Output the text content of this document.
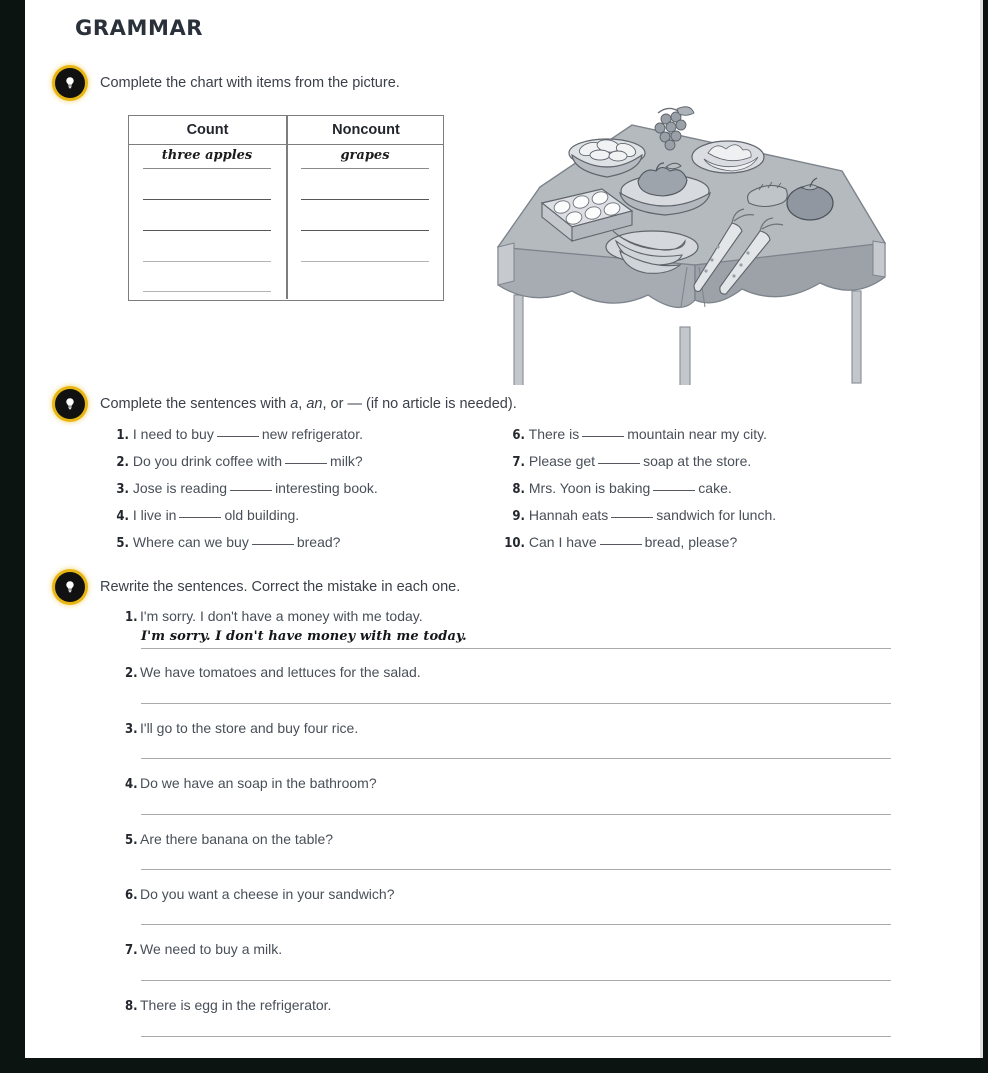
GRAMMAR
Complete the chart with items from the picture.
Count	Noncount
three apples	grapes
Complete the sentences with a, an, or — (if no article is needed).
1. I need to buy	new refrigerator.
2. Do you drink coffee with	milk?
3. Jose is reading	interesting book.
4. I live in	old building.
5. Where can we buy	bread?
6. There is	mountain near my city.
7. Please get	soap at the store.
8. Mrs. Yoon is baking	cake.
9. Hannah eats	sandwich for lunch.
10. Can I have	bread, please?
Rewrite the sentences. Correct the mistake in each one.
1. I'm sorry. I don't have a money with me today.
I'm sorry. I don't have money with me today.
2. We have tomatoes and lettuces for the salad.
3. I'll go to the store and buy four rice.
4. Do we have an soap in the bathroom?
5. Are there banana on the table?
6. Do you want a cheese in your sandwich?
7. We need to buy a milk.
8. There is egg in the refrigerator.
